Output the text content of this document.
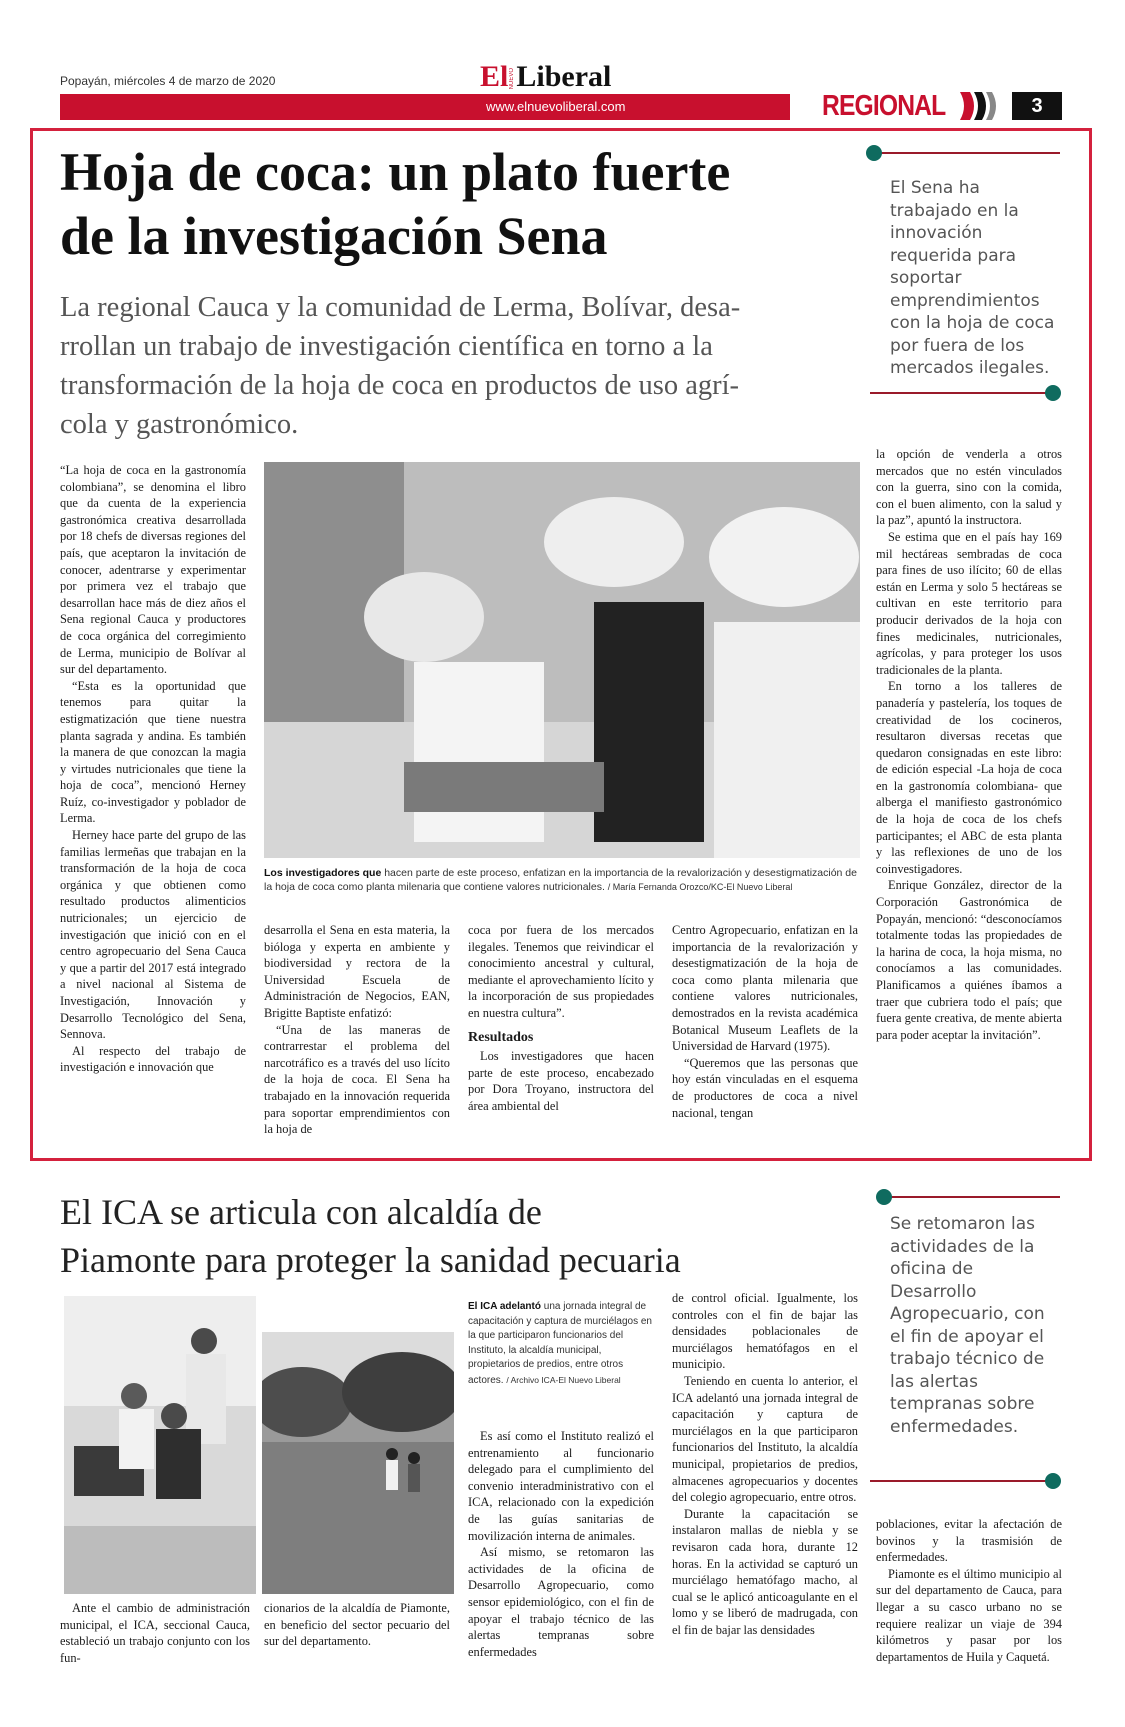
Popayán, miércoles 4 de marzo de 2020	El NUEVO Liberal
www.elnuevoliberal.com	REGIONAL	3
Hoja de coca: un plato fuerte
de la investigación Sena
La regional Cauca y la comunidad de Lerma, Bolívar, desa-
rrollan un trabajo de investigación científica en torno a la
transformación de la hoja de coca en productos de uso agrí-
cola y gastronómico.
El Sena ha trabajado en la innovación requerida para soportar emprendimientos con la hoja de coca por fuera de los mercados ilegales.
Los investigadores que hacen parte de este proceso, enfatizan en la importancia de la revalorización y desestigmatización de la hoja de coca como planta milenaria que contiene valores nutricionales. / María Fernanda Orozco/KC-El Nuevo Liberal

“La hoja de coca en la gastronomía colombiana”, se denomina el libro que da cuenta de la experiencia gastronómica creativa desarrollada por 18 chefs de diversas regiones del país, que aceptaron la invitación de conocer, adentrarse y experimentar por primera vez el trabajo que desarrollan hace más de diez años el Sena regional Cauca y productores de coca orgánica del corregimiento de Lerma, municipio de Bolívar al sur del departamento.

“Esta es la oportunidad que tenemos para quitar la estigmatización que tiene nuestra planta sagrada y andina. Es también la manera de que conozcan la magia y virtudes nutricionales que tiene la hoja de coca”, mencionó Herney Ruíz, co-investigador y poblador de Lerma.

Herney hace parte del grupo de las familias lermeñas que trabajan en la transformación de la hoja de coca orgánica y que obtienen como resultado productos alimenticios nutricionales; un ejercicio de investigación que inició con en el centro agropecuario del Sena Cauca y que a partir del 2017 está integrado a nivel nacional al Sistema de Investigación, Innovación y Desarrollo Tecnológico del Sena, Sennova.

Al respecto del trabajo de investigación e innovación que

desarrolla el Sena en esta materia, la bióloga y experta en ambiente y biodiversidad y rectora de la Universidad Escuela de Administración de Negocios, EAN, Brigitte Baptiste enfatizó:

“Una de las maneras de contrarrestar el problema del narcotráfico es a través del uso lícito de la hoja de coca. El Sena ha trabajado en la innovación requerida para soportar emprendimientos con la hoja de

coca por fuera de los mercados ilegales. Tenemos que reivindicar el conocimiento ancestral y cultural, mediante el aprovechamiento lícito y la incorporación de sus propiedades en nuestra cultura”.

Resultados

Los investigadores que hacen parte de este proceso, encabezado por Dora Troyano, instructora del área ambiental del

Centro Agropecuario, enfatizan en la importancia de la revalorización y desestigmatización de la hoja de coca como planta milenaria que contiene valores nutricionales, demostrados en la revista académica Botanical Museum Leaflets de la Universidad de Harvard (1975).

“Queremos que las personas que hoy están vinculadas en el esquema de productores de coca a nivel nacional, tengan

la opción de venderla a otros mercados que no estén vinculados con la guerra, sino con la comida, con el buen alimento, con la salud y la paz”, apuntó la instructora.

Se estima que en el país hay 169 mil hectáreas sembradas de coca para fines de uso ilícito; 60 de ellas están en Lerma y solo 5 hectáreas se cultivan en este territorio para producir derivados de la hoja con fines medicinales, nutricionales, agrícolas, y para proteger los usos tradicionales de la planta.

En torno a los talleres de panadería y pastelería, los toques de creatividad de los cocineros, resultaron diversas recetas que quedaron consignadas en este libro: de edición especial -La hoja de coca en la gastronomía colombiana- que alberga el manifiesto gastronómico de la hoja de coca de los chefs participantes; el ABC de esta planta y las reflexiones de uno de los coinvestigadores.

Enrique González, director de la Corporación Gastronómica de Popayán, mencionó: “desconocíamos totalmente todas las propiedades de la harina de coca, la hoja misma, no conocíamos a las comunidades. Planificamos a quiénes íbamos a traer que cubriera todo el país; que fuera gente creativa, de mente abierta para poder aceptar la invitación”.

El ICA se articula con alcaldía de
Piamonte para proteger la sanidad pecuaria
Se retomaron las actividades de la oficina de Desarrollo Agropecuario, con el fin de apoyar el trabajo técnico de las alertas tempranas sobre enfermedades.
El ICA adelantó una jornada integral de capacitación y captura de murciélagos en la que participaron funcionarios del Instituto, la alcaldía municipal, propietarios de predios, entre otros actores. / Archivo ICA-El Nuevo Liberal

Ante el cambio de administración municipal, el ICA, seccional Cauca, estableció un trabajo conjunto con los fun-

cionarios de la alcaldía de Piamonte, en beneficio del sector pecuario del sur del departamento.

Es así como el Instituto realizó el entrenamiento al funcionario delegado para el cumplimiento del convenio interadministrativo con el ICA, relacionado con la expedición de las guías sanitarias de movilización interna de animales.

Así mismo, se retomaron las actividades de la oficina de Desarrollo Agropecuario, como sensor epidemiológico, con el fin de apoyar el trabajo técnico de las alertas tempranas sobre enfermedades

de control oficial. Igualmente, los controles con el fin de bajar las densidades poblacionales de murciélagos hematófagos en el municipio.

Teniendo en cuenta lo anterior, el ICA adelantó una jornada integral de capacitación y captura de murciélagos en la que participaron funcionarios del Instituto, la alcaldía municipal, propietarios de predios, almacenes agropecuarios y docentes del colegio agropecuario, entre otros.

Durante la capacitación se instalaron mallas de niebla y se revisaron cada hora, durante 12 horas. En la actividad se capturó un murciélago hematófago macho, al cual se le aplicó anticoagulante en el lomo y se liberó de madrugada, con el fin de bajar las densidades

poblaciones, evitar la afectación de bovinos y la trasmisión de enfermedades.

Piamonte es el último municipio al sur del departamento de Cauca, para llegar a su casco urbano no se requiere realizar un viaje de 394 kilómetros y pasar por los departamentos de Huila y Caquetá.
